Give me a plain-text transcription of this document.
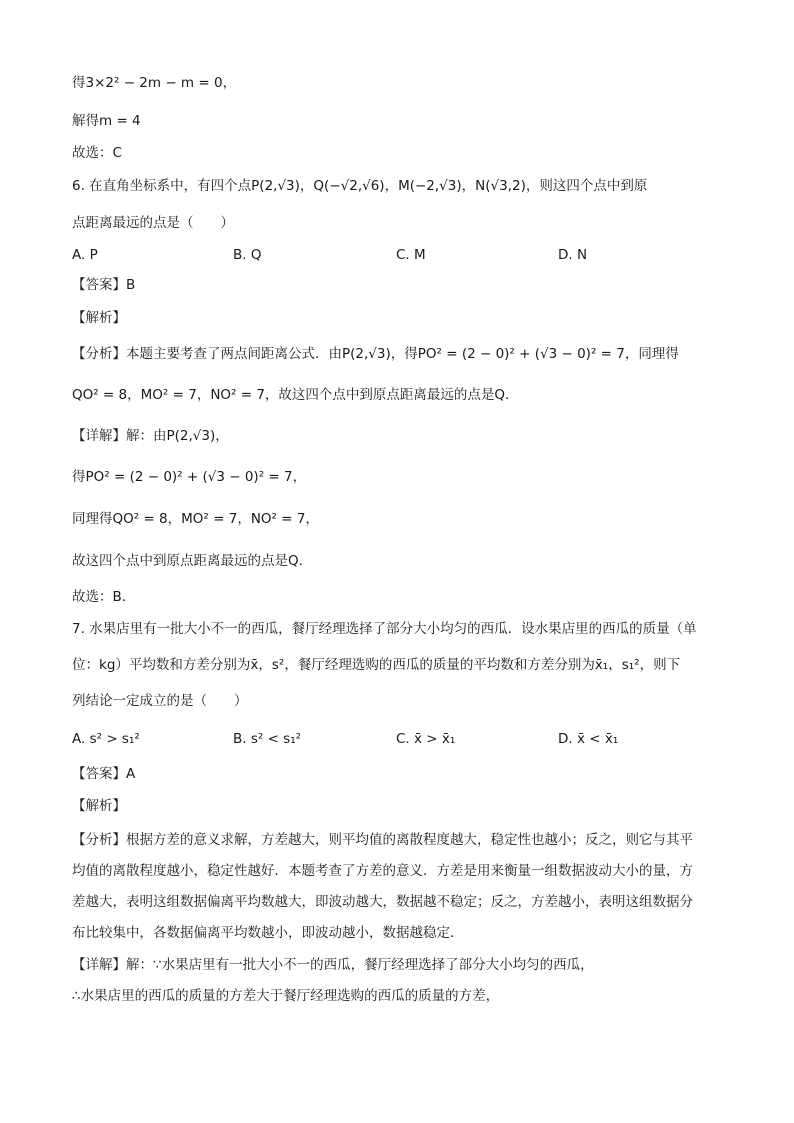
得3×2² − 2m − m = 0，
解得m = 4
故选：C
6. 在直角坐标系中，有四个点P(2,√3)，Q(−√2,√6)，M(−2,√3)，N(√3,2)，则这四个点中到原
点距离最远的点是（　　）
A. P	B. Q	C. M	D. N
【答案】B
【解析】
【分析】本题主要考查了两点间距离公式．由P(2,√3)，得PO² = (2 − 0)² + (√3 − 0)² = 7，同理得
QO² = 8，MO² = 7，NO² = 7，故这四个点中到原点距离最远的点是Q．
【详解】解：由P(2,√3)，
得PO² = (2 − 0)² + (√3 − 0)² = 7，
同理得QO² = 8，MO² = 7，NO² = 7，
故这四个点中到原点距离最远的点是Q．
故选：B．
7. 水果店里有一批大小不一的西瓜，餐厅经理选择了部分大小均匀的西瓜．设水果店里的西瓜的质量（单
位：kg）平均数和方差分别为x̄，s²，餐厅经理选购的西瓜的质量的平均数和方差分别为x̄₁，s₁²，则下
列结论一定成立的是（　　）
A. s² > s₁²	B. s² < s₁²	C. x̄ > x̄₁	D. x̄ < x̄₁
【答案】A
【解析】
【分析】根据方差的意义求解，方差越大，则平均值的离散程度越大，稳定性也越小；反之，则它与其平
均值的离散程度越小，稳定性越好．本题考查了方差的意义．方差是用来衡量一组数据波动大小的量，方
差越大，表明这组数据偏离平均数越大，即波动越大，数据越不稳定；反之，方差越小，表明这组数据分
布比较集中，各数据偏离平均数越小，即波动越小，数据越稳定．
【详解】解：∵水果店里有一批大小不一的西瓜，餐厅经理选择了部分大小均匀的西瓜，
∴水果店里的西瓜的质量的方差大于餐厅经理选购的西瓜的质量的方差，
